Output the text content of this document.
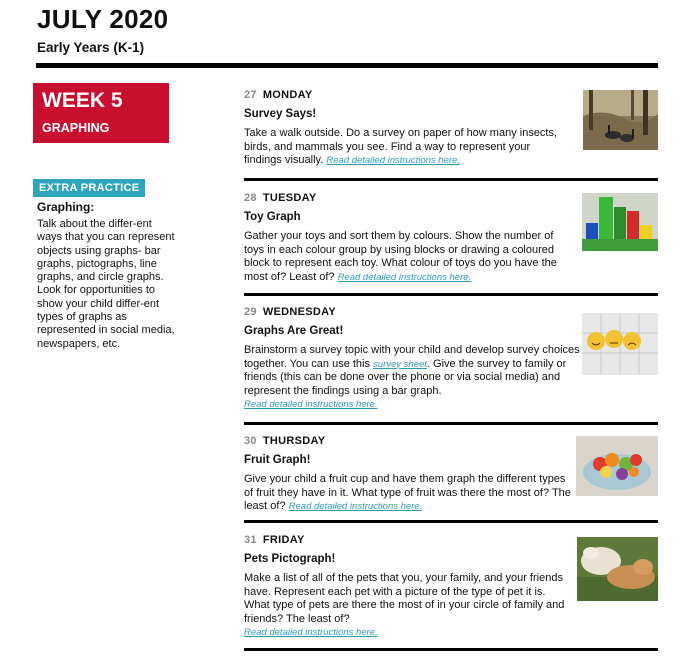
JULY 2020
Early Years (K-1)
WEEK 5
GRAPHING
EXTRA PRACTICE
Graphing:
Talk about the differ-ent ways that you can represent objects using graphs- bar graphs, pictographs, line graphs, and circle graphs. Look for opportunities to show your child differ-ent types of graphs as represented in social media, newspapers, etc.
27 MONDAY
Survey Says!
Take a walk outside. Do a survey on paper of how many insects, birds, and mammals you see. Find a way to represent your findings visually. Read detailed instructions here.
28 TUESDAY
Toy Graph
Gather your toys and sort them by colours. Show the number of toys in each colour group by using blocks or drawing a coloured block to represent each toy. What colour of toys do you have the most of? Least of? Read detailed instructions here.
29 WEDNESDAY
Graphs Are Great!
Brainstorm a survey topic with your child and develop survey choices together. You can use this survey sheet. Give the survey to family or friends (this can be done over the phone or via social media) and represent the findings using a bar graph.
Read detailed instructions here.
30 THURSDAY
Fruit Graph!
Give your child a fruit cup and have them graph the different types of fruit they have in it. What type of fruit was there the most of? The least of? Read detailed instructions here.
31 FRIDAY
Pets Pictograph!
Make a list of all of the pets that you, your family, and your friends have. Represent each pet with a picture of the type of pet it is. What type of pets are there the most of in your circle of family and friends? The least of?
Read detailed instructions here.
